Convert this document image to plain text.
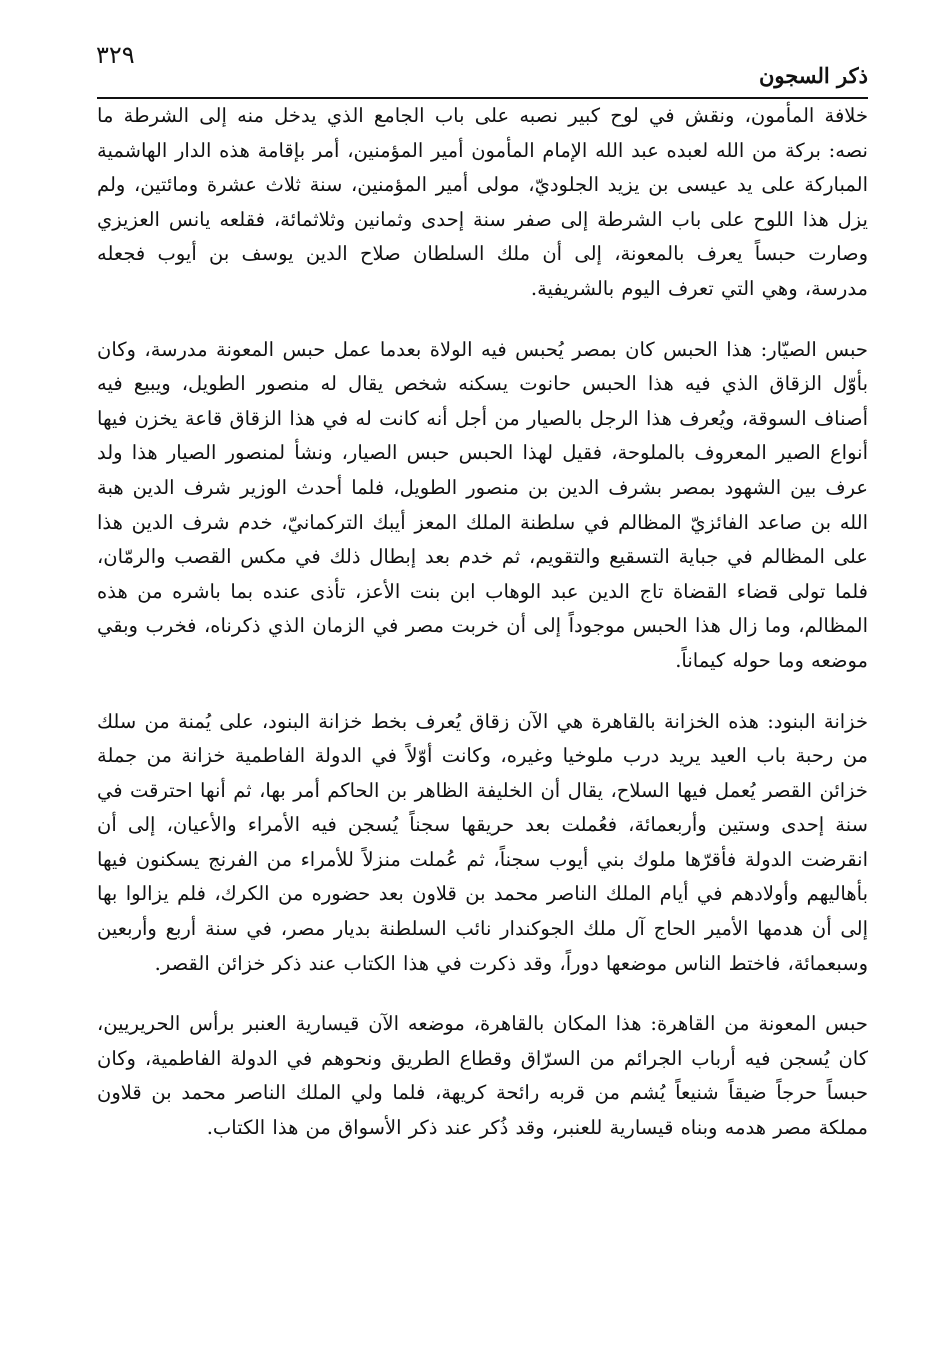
٣٢٩
ذكر السجون

خلافة المأمون، ونقش في لوح كبير نصبه على باب الجامع الذي يدخل منه إلى الشرطة ما نصه: بركة من الله لعبده عبد الله الإمام المأمون أمير المؤمنين، أمر بإقامة هذه الدار الهاشمية المباركة على يد عيسى بن يزيد الجلوديّ، مولى أمير المؤمنين، سنة ثلاث عشرة ومائتين، ولم يزل هذا اللوح على باب الشرطة إلى صفر سنة إحدى وثمانين وثلاثمائة، فقلعه يانس العزيزي وصارت حبساً يعرف بالمعونة، إلى أن ملك السلطان صلاح الدين يوسف بن أيوب فجعله مدرسة، وهي التي تعرف اليوم بالشريفية.

حبس الصيّار: هذا الحبس كان بمصر يُحبس فيه الولاة بعدما عمل حبس المعونة مدرسة، وكان بأوّل الزقاق الذي فيه هذا الحبس حانوت يسكنه شخص يقال له منصور الطويل، ويبيع فيه أصناف السوقة، ويُعرف هذا الرجل بالصيار من أجل أنه كانت له في هذا الزقاق قاعة يخزن فيها أنواع الصير المعروف بالملوحة، فقيل لهذا الحبس حبس الصيار، ونشأ لمنصور الصيار هذا ولد عرف بين الشهود بمصر بشرف الدين بن منصور الطويل، فلما أحدث الوزير شرف الدين هبة الله بن صاعد الفائزيّ المظالم في سلطنة الملك المعز أيبك التركمانيّ، خدم شرف الدين هذا على المظالم في جباية التسقيع والتقويم، ثم خدم بعد إبطال ذلك في مكس القصب والرمّان، فلما تولى قضاء القضاة تاج الدين عبد الوهاب ابن بنت الأعز، تأذى عنده بما باشره من هذه المظالم، وما زال هذا الحبس موجوداً إلى أن خربت مصر في الزمان الذي ذكرناه، فخرب وبقي موضعه وما حوله كيماناً.

خزانة البنود: هذه الخزانة بالقاهرة هي الآن زقاق يُعرف بخط خزانة البنود، على يُمنة من سلك من رحبة باب العيد يريد درب ملوخيا وغيره، وكانت أوّلاً في الدولة الفاطمية خزانة من جملة خزائن القصر يُعمل فيها السلاح، يقال أن الخليفة الظاهر بن الحاكم أمر بها، ثم أنها احترقت في سنة إحدى وستين وأربعمائة، فعُملت بعد حريقها سجناً يُسجن فيه الأمراء والأعيان، إلى أن انقرضت الدولة فأقرّها ملوك بني أيوب سجناً، ثم عُملت منزلاً للأمراء من الفرنج يسكنون فيها بأهاليهم وأولادهم في أيام الملك الناصر محمد بن قلاون بعد حضوره من الكرك، فلم يزالوا بها إلى أن هدمها الأمير الحاج آل ملك الجوكندار نائب السلطنة بديار مصر، في سنة أربع وأربعين وسبعمائة، فاختط الناس موضعها دوراً، وقد ذكرت في هذا الكتاب عند ذكر خزائن القصر.

حبس المعونة من القاهرة: هذا المكان بالقاهرة، موضعه الآن قيسارية العنبر برأس الحريريين، كان يُسجن فيه أرباب الجرائم من السرّاق وقطاع الطريق ونحوهم في الدولة الفاطمية، وكان حبساً حرجاً ضيقاً شنيعاً يُشم من قربه رائحة كريهة، فلما ولي الملك الناصر محمد بن قلاون مملكة مصر هدمه وبناه قيسارية للعنبر، وقد ذُكر عند ذكر الأسواق من هذا الكتاب.
